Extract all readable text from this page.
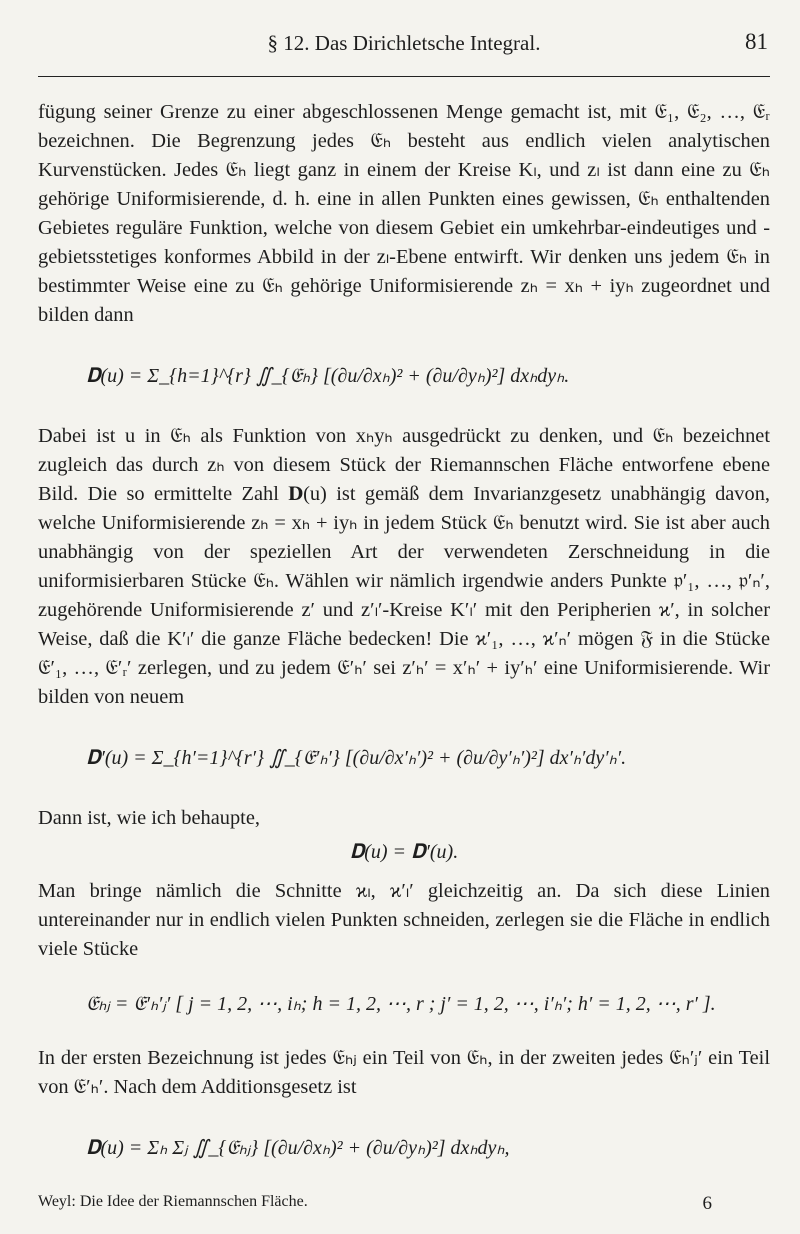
§ 12. Das Dirichletsche Integral.	81

fügung seiner Grenze zu einer abgeschlossenen Menge gemacht ist, mit 𝔈₁, 𝔈₂, …, 𝔈ᵣ bezeichnen. Die Begrenzung jedes 𝔈ₕ besteht aus endlich vielen analytischen Kurvenstücken. Jedes 𝔈ₕ liegt ganz in einem der Kreise Kₗ, und zₗ ist dann eine zu 𝔈ₕ gehörige Uniformisierende, d. h. eine in allen Punkten eines gewissen, 𝔈ₕ enthaltenden Gebietes reguläre Funktion, welche von diesem Gebiet ein umkehrbar-eindeutiges und -gebietsstetiges konformes Abbild in der zₗ-Ebene entwirft. Wir denken uns jedem 𝔈ₕ in bestimmter Weise eine zu 𝔈ₕ gehörige Uniformisierende zₕ = xₕ + iyₕ zugeordnet und bilden dann

𝐃(u) = Σ_{h=1}^{r} ∬_{𝔈ₕ} [(∂u/∂xₕ)² + (∂u/∂yₕ)²] dxₕdyₕ.

Dabei ist u in 𝔈ₕ als Funktion von xₕyₕ ausgedrückt zu denken, und 𝔈ₕ bezeichnet zugleich das durch zₕ von diesem Stück der Riemannschen Fläche entworfene ebene Bild. Die so ermittelte Zahl 𝐃(u) ist gemäß dem Invarianzgesetz unabhängig davon, welche Uniformisierende zₕ = xₕ + iyₕ in jedem Stück 𝔈ₕ benutzt wird. Sie ist aber auch unabhängig von der speziellen Art der verwendeten Zerschneidung in die uniformisierbaren Stücke 𝔈ₕ. Wählen wir nämlich irgendwie anders Punkte 𝔭′₁, …, 𝔭′ₙ′, zugehörende Uniformisierende z′ und z′ₗ′-Kreise K′ₗ′ mit den Peripherien ϰ′, in solcher Weise, daß die K′ₗ′ die ganze Fläche bedecken! Die ϰ′₁, …, ϰ′ₙ′ mögen 𝔉 in die Stücke 𝔈′₁, …, 𝔈′ᵣ′ zerlegen, und zu jedem 𝔈′ₕ′ sei z′ₕ′ = x′ₕ′ + iy′ₕ′ eine Uniformisierende. Wir bilden von neuem

𝐃′(u) = Σ_{h′=1}^{r′} ∬_{𝔈′ₕ′} [(∂u/∂x′ₕ′)² + (∂u/∂y′ₕ′)²] dx′ₕ′dy′ₕ′.

Dann ist, wie ich behaupte,

𝐃(u) = 𝐃′(u).

Man bringe nämlich die Schnitte ϰₗ, ϰ′ₗ′ gleichzeitig an. Da sich diese Linien untereinander nur in endlich vielen Punkten schneiden, zerlegen sie die Fläche in endlich viele Stücke

𝔈ₕⱼ = 𝔈′ₕ′ⱼ′ [ j = 1, 2, ⋯, iₕ; h = 1, 2, ⋯, r ; j′ = 1, 2, ⋯, i′ₕ′; h′ = 1, 2, ⋯, r′ ].

In der ersten Bezeichnung ist jedes 𝔈ₕⱼ ein Teil von 𝔈ₕ, in der zweiten jedes 𝔈ₕ′ⱼ′ ein Teil von 𝔈′ₕ′. Nach dem Additionsgesetz ist

𝐃(u) = Σₕ Σⱼ ∬_{𝔈ₕⱼ} [(∂u/∂xₕ)² + (∂u/∂yₕ)²] dxₕdyₕ,
Weyl: Die Idee der Riemannschen Fläche.	6
